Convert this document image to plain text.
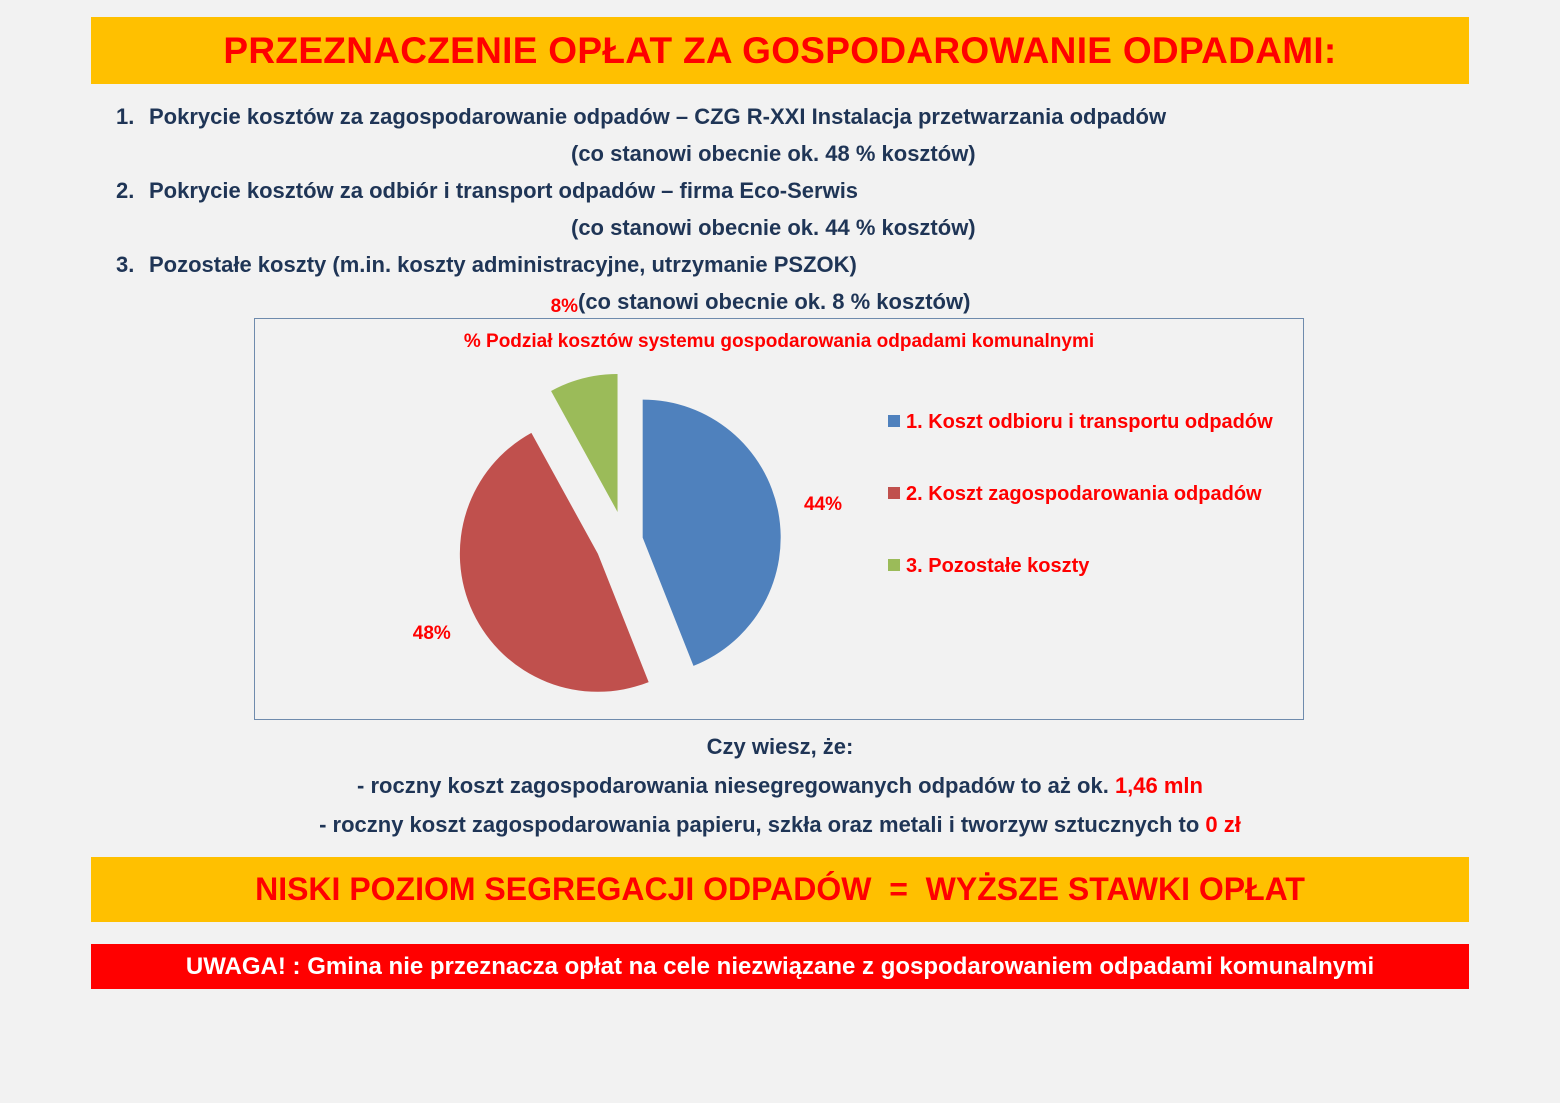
PRZEZNACZENIE OPŁAT ZA GOSPODAROWANIE ODPADAMI:
1. Pokrycie kosztów za zagospodarowanie odpadów – CZG R-XXI Instalacja przetwarzania odpadów
(co stanowi obecnie ok. 48 % kosztów)
2. Pokrycie kosztów za odbiór i transport odpadów – firma Eco-Serwis
(co stanowi obecnie ok. 44 % kosztów)
3. Pozostałe koszty (m.in. koszty administracyjne, utrzymanie PSZOK)
(co stanowi obecnie ok. 8 % kosztów)
% Podział kosztów systemu gospodarowania odpadami komunalnymi
44%
48%
8%
1. Koszt odbioru i transportu odpadów
2. Koszt zagospodarowania odpadów
3. Pozostałe koszty
Czy wiesz, że:
- roczny koszt zagospodarowania niesegregowanych odpadów to aż ok. 1,46 mln
- roczny koszt zagospodarowania papieru, szkła oraz metali i tworzyw sztucznych to 0 zł
NISKI POZIOM SEGREGACJI ODPADÓW  =  WYŻSZE STAWKI OPŁAT
UWAGA! : Gmina nie przeznacza opłat na cele niezwiązane z gospodarowaniem odpadami komunalnymi
